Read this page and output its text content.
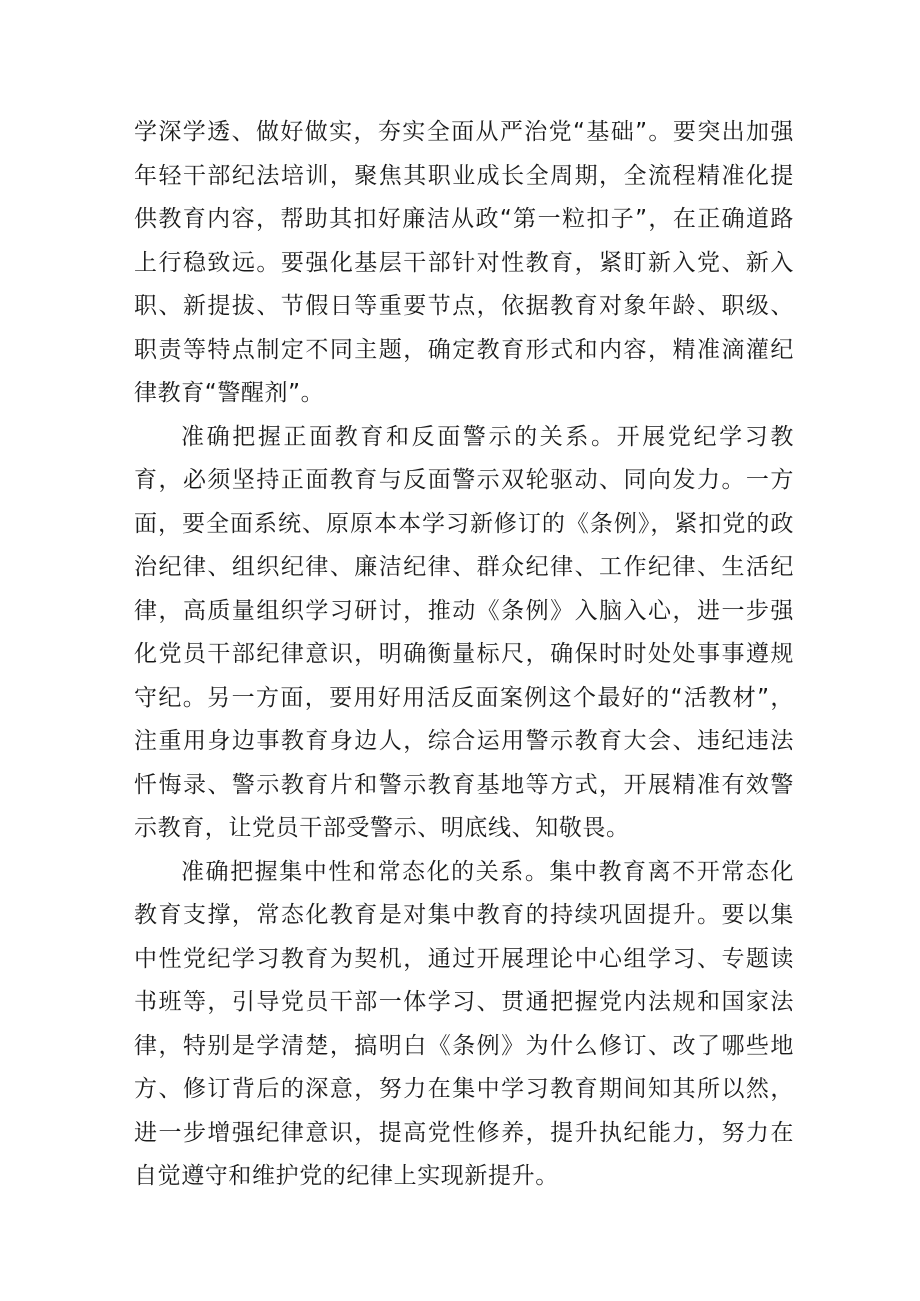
学深学透、做好做实，夯实全面从严治党“基础”。要突出加强年轻干部纪法培训，聚焦其职业成长全周期，全流程精准化提供教育内容，帮助其扣好廉洁从政“第一粒扣子”，在正确道路上行稳致远。要强化基层干部针对性教育，紧盯新入党、新入职、新提拔、节假日等重要节点，依据教育对象年龄、职级、职责等特点制定不同主题，确定教育形式和内容，精准滴灌纪律教育“警醒剂”。

准确把握正面教育和反面警示的关系。开展党纪学习教育，必须坚持正面教育与反面警示双轮驱动、同向发力。一方面，要全面系统、原原本本学习新修订的《条例》，紧扣党的政治纪律、组织纪律、廉洁纪律、群众纪律、工作纪律、生活纪律，高质量组织学习研讨，推动《条例》入脑入心，进一步强化党员干部纪律意识，明确衡量标尺，确保时时处处事事遵规守纪。另一方面，要用好用活反面案例这个最好的“活教材”，注重用身边事教育身边人，综合运用警示教育大会、违纪违法忏悔录、警示教育片和警示教育基地等方式，开展精准有效警示教育，让党员干部受警示、明底线、知敬畏。

准确把握集中性和常态化的关系。集中教育离不开常态化教育支撑，常态化教育是对集中教育的持续巩固提升。要以集中性党纪学习教育为契机，通过开展理论中心组学习、专题读书班等，引导党员干部一体学习、贯通把握党内法规和国家法律，特别是学清楚，搞明白《条例》为什么修订、改了哪些地方、修订背后的深意，努力在集中学习教育期间知其所以然，进一步增强纪律意识，提高党性修养，提升执纪能力，努力在自觉遵守和维护党的纪律上实现新提升。
